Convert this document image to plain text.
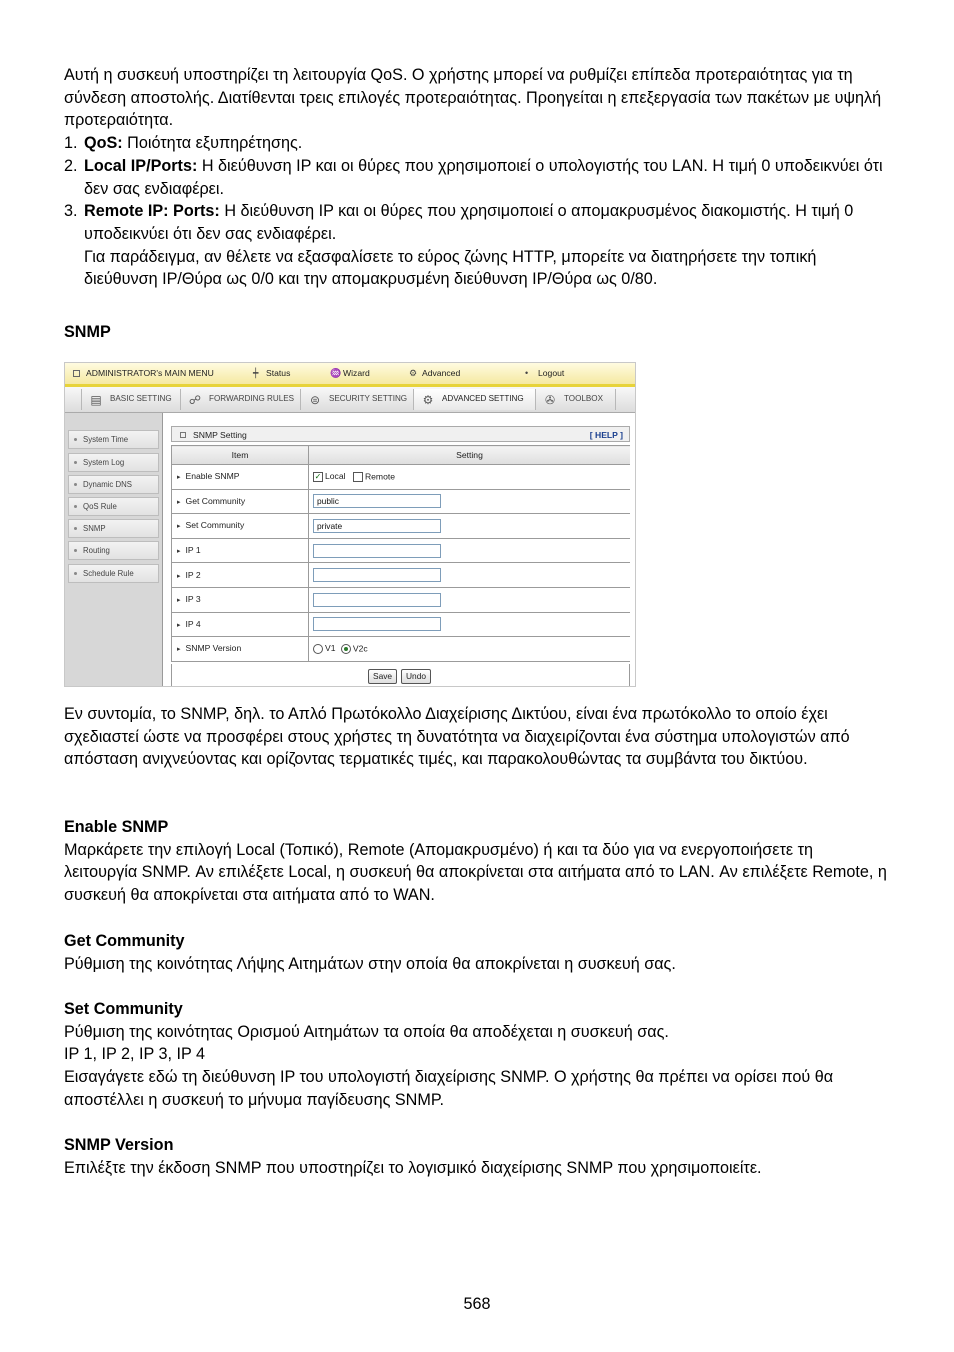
Αυτή η συσκευή υποστηρίζει τη λειτουργία QoS. Ο χρήστης μπορεί να ρυθμίζει επίπεδα προτεραιότητας για τη σύνδεση αποστολής. Διατίθενται τρεις επιλογές προτεραιότητας. Προηγείται η επεξεργασία των πακέτων με υψηλή προτεραιότητα.

1. QoS: Ποιότητα εξυπηρέτησης.
2. Local IP/Ports: Η διεύθυνση IP και οι θύρες που χρησιμοποιεί ο υπολογιστής του LAN. Η τιμή 0 υποδεικνύει ότι δεν σας ενδιαφέρει.
3. Remote IP: Ports: Η διεύθυνση IP και οι θύρες που χρησιμοποιεί ο απομακρυσμένος διακομιστής. Η τιμή 0 υποδεικνύει ότι δεν σας ενδιαφέρει.
Για παράδειγμα, αν θέλετε να εξασφαλίσετε το εύρος ζώνης HTTP, μπορείτε να διατηρήσετε την τοπική διεύθυνση IP/Θύρα ως 0/0 και την απομακρυσμένη διεύθυνση IP/Θύρα ως 0/80.
SNMP
ADMINISTRATOR's MAIN MENU	┿ Status	♒ Wizard	⚙ Advanced	• Logout
▤	BASIC SETTING	☍ FORWARDING RULES	⊜	SECURITY SETTING	⚙	ADVANCED SETTING	✇	TOOLBOX
System Time
System Log
Dynamic DNS
QoS Rule
SNMP
Routing
Schedule Rule
SNMP Setting	[ HELP ]
Item	Setting
▸ Enable SNMP	✓ Local Remote
▸ Get Community	public
▸ Set Community	private
▸ IP 1	
▸ IP 2	
▸ IP 3	
▸ IP 4	
▸ SNMP Version	V1 V2c
Save	Undo
Εν συντομία, το SNMP, δηλ. το Απλό Πρωτόκολλο Διαχείρισης Δικτύου, είναι ένα πρωτόκολλο το οποίο έχει σχεδιαστεί ώστε να προσφέρει στους χρήστες τη δυνατότητα να διαχειρίζονται ένα σύστημα υπολογιστών από απόσταση ανιχνεύοντας και ορίζοντας τερματικές τιμές, και παρακολουθώντας τα συμβάντα του δικτύου.
Enable SNMP
Μαρκάρετε την επιλογή Local (Τοπικό), Remote (Απομακρυσμένο) ή και τα δύο για να ενεργοποιήσετε τη λειτουργία SNMP. Αν επιλέξετε Local, η συσκευή θα αποκρίνεται στα αιτήματα από το LAN. Αν επιλέξετε Remote, η συσκευή θα αποκρίνεται στα αιτήματα από το WAN.
Get Community
Ρύθμιση της κοινότητας Λήψης Αιτημάτων στην οποία θα αποκρίνεται η συσκευή σας.
Set Community
Ρύθμιση της κοινότητας Ορισμού Αιτημάτων τα οποία θα αποδέχεται η συσκευή σας.
IP 1, IP 2, IP 3, IP 4
Εισαγάγετε εδώ τη διεύθυνση IP του υπολογιστή διαχείρισης SNMP. Ο χρήστης θα πρέπει να ορίσει πού θα αποστέλλει η συσκευή το μήνυμα παγίδευσης SNMP.
SNMP Version
Επιλέξτε την έκδοση SNMP που υποστηρίζει το λογισμικό διαχείρισης SNMP που χρησιμοποιείτε.
568
